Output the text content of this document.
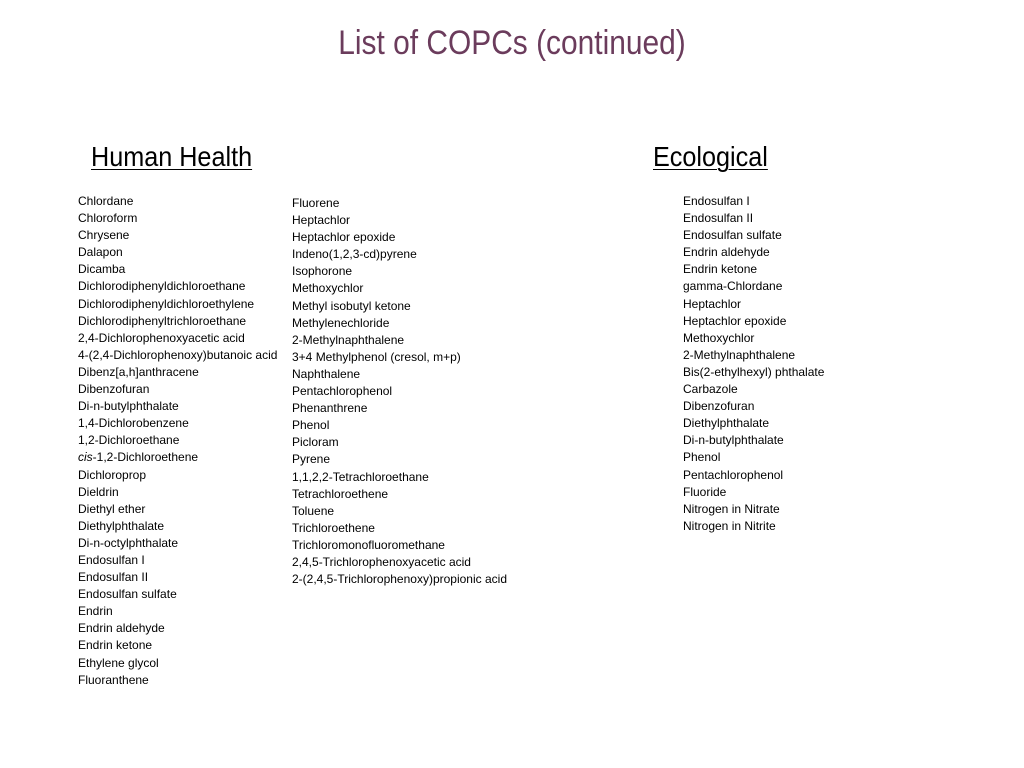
List of COPCs (continued)
Human Health	Ecological
Chlordane
Chloroform
Chrysene
Dalapon
Dicamba
Dichlorodiphenyldichloroethane
Dichlorodiphenyldichloroethylene
Dichlorodiphenyltrichloroethane
2,4-Dichlorophenoxyacetic acid
4-(2,4-Dichlorophenoxy)butanoic acid
Dibenz[a,h]anthracene
Dibenzofuran
Di-n-butylphthalate
1,4-Dichlorobenzene
1,2-Dichloroethane
cis-1,2-Dichloroethene
Dichloroprop
Dieldrin
Diethyl ether
Diethylphthalate
Di-n-octylphthalate
Endosulfan I
Endosulfan II
Endosulfan sulfate
Endrin
Endrin aldehyde
Endrin ketone
Ethylene glycol
Fluoranthene
Fluorene
Heptachlor
Heptachlor epoxide
Indeno(1,2,3-cd)pyrene
Isophorone
Methoxychlor
Methyl isobutyl ketone
Methylenechloride
2-Methylnaphthalene
3+4 Methylphenol (cresol, m+p)
Naphthalene
Pentachlorophenol
Phenanthrene
Phenol
Picloram
Pyrene
1,1,2,2-Tetrachloroethane
Tetrachloroethene
Toluene
Trichloroethene
Trichloromonofluoromethane
2,4,5-Trichlorophenoxyacetic acid
2-(2,4,5-Trichlorophenoxy)propionic acid
Endosulfan I
Endosulfan II
Endosulfan sulfate
Endrin aldehyde
Endrin ketone
gamma-Chlordane
Heptachlor
Heptachlor epoxide
Methoxychlor
2-Methylnaphthalene
Bis(2-ethylhexyl) phthalate
Carbazole
Dibenzofuran
Diethylphthalate
Di-n-butylphthalate
Phenol
Pentachlorophenol
Fluoride
Nitrogen in Nitrate
Nitrogen in Nitrite
